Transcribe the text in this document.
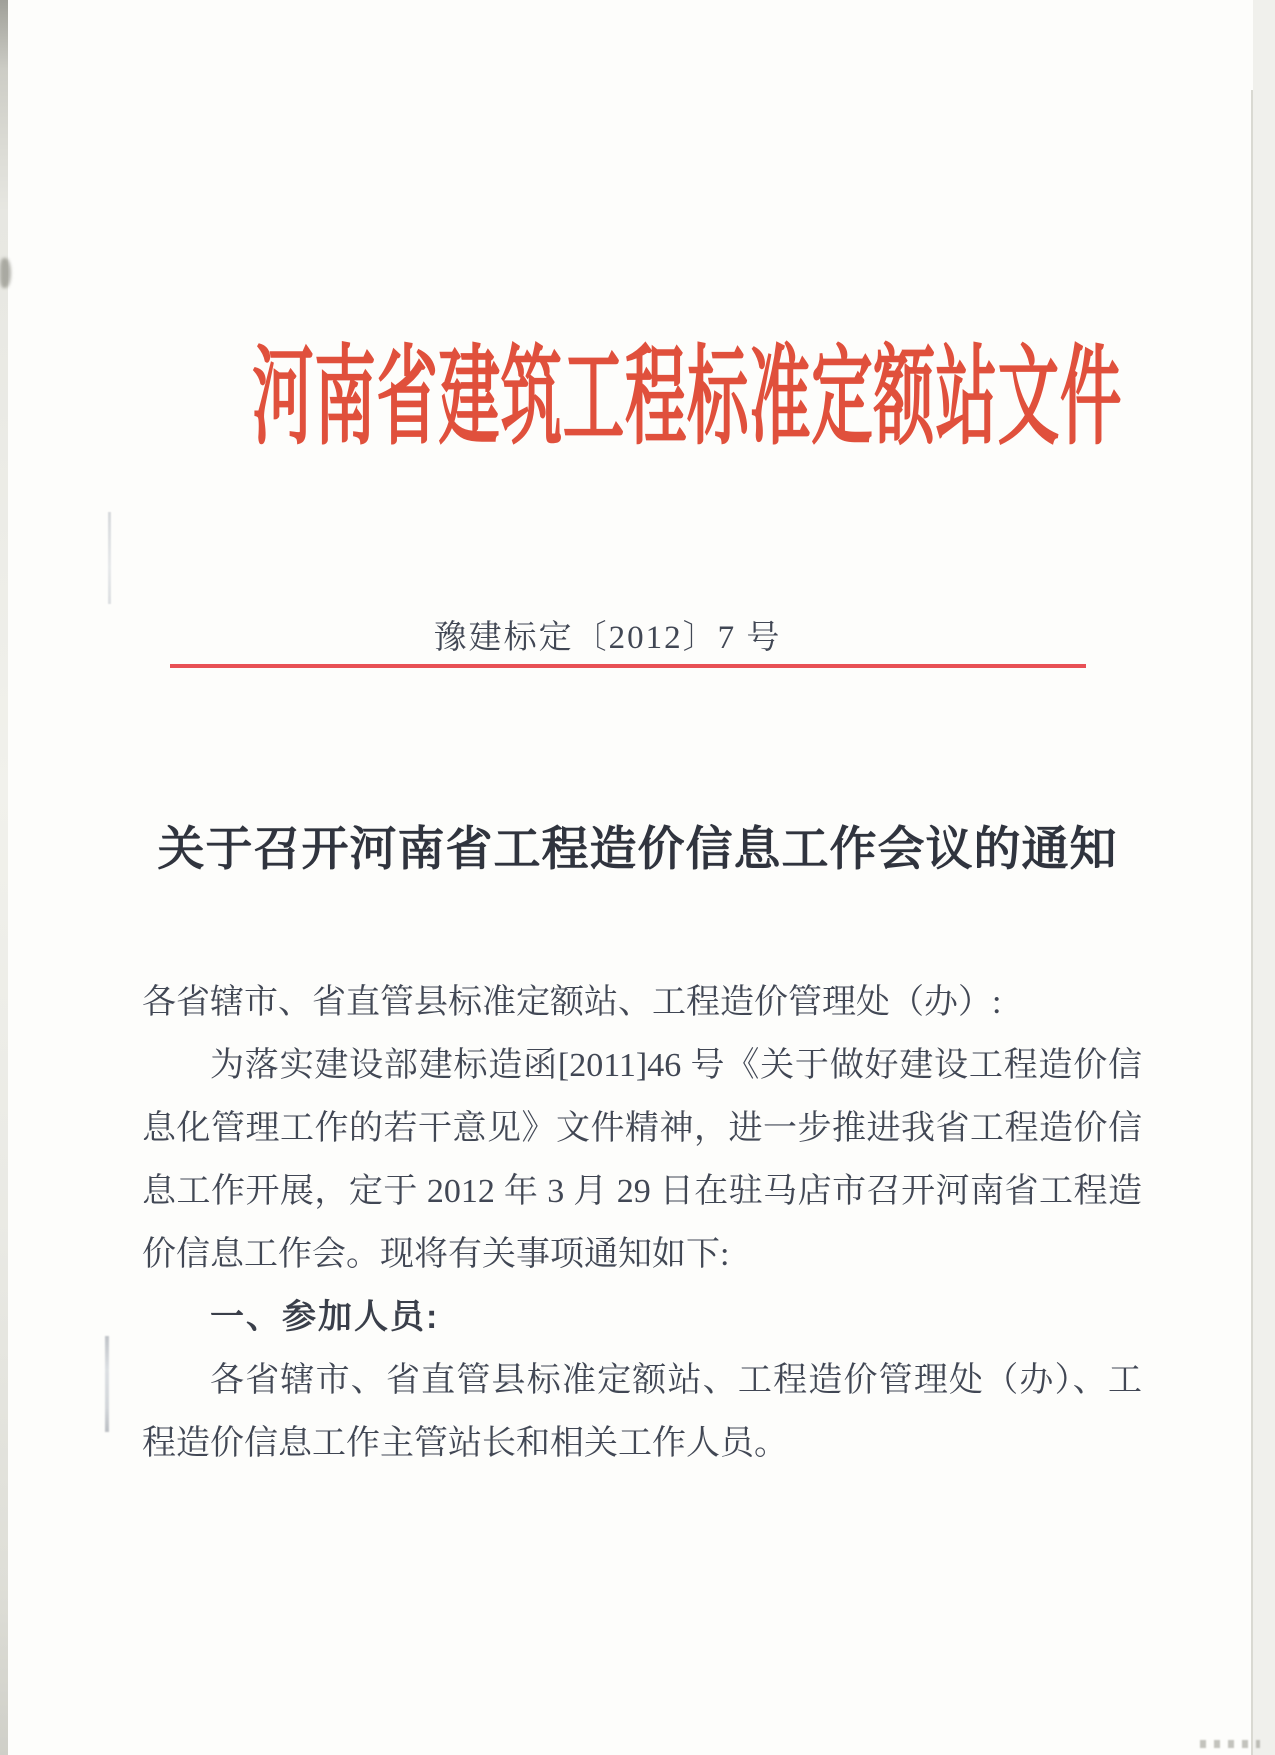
河南省建筑工程标准定额站文件
豫建标定〔2012〕7 号
关于召开河南省工程造价信息工作会议的通知

各省辖市、省直管县标准定额站、工程造价管理处（办）:

为落实建设部建标造函[2011]46 号《关于做好建设工程造价信息化管理工作的若干意见》文件精神，进一步推进我省工程造价信息工作开展，定于 2012 年 3 月 29 日在驻马店市召开河南省工程造价信息工作会。现将有关事项通知如下:

一、参加人员:

各省辖市、省直管县标准定额站、工程造价管理处（办）、工程造价信息工作主管站长和相关工作人员。
